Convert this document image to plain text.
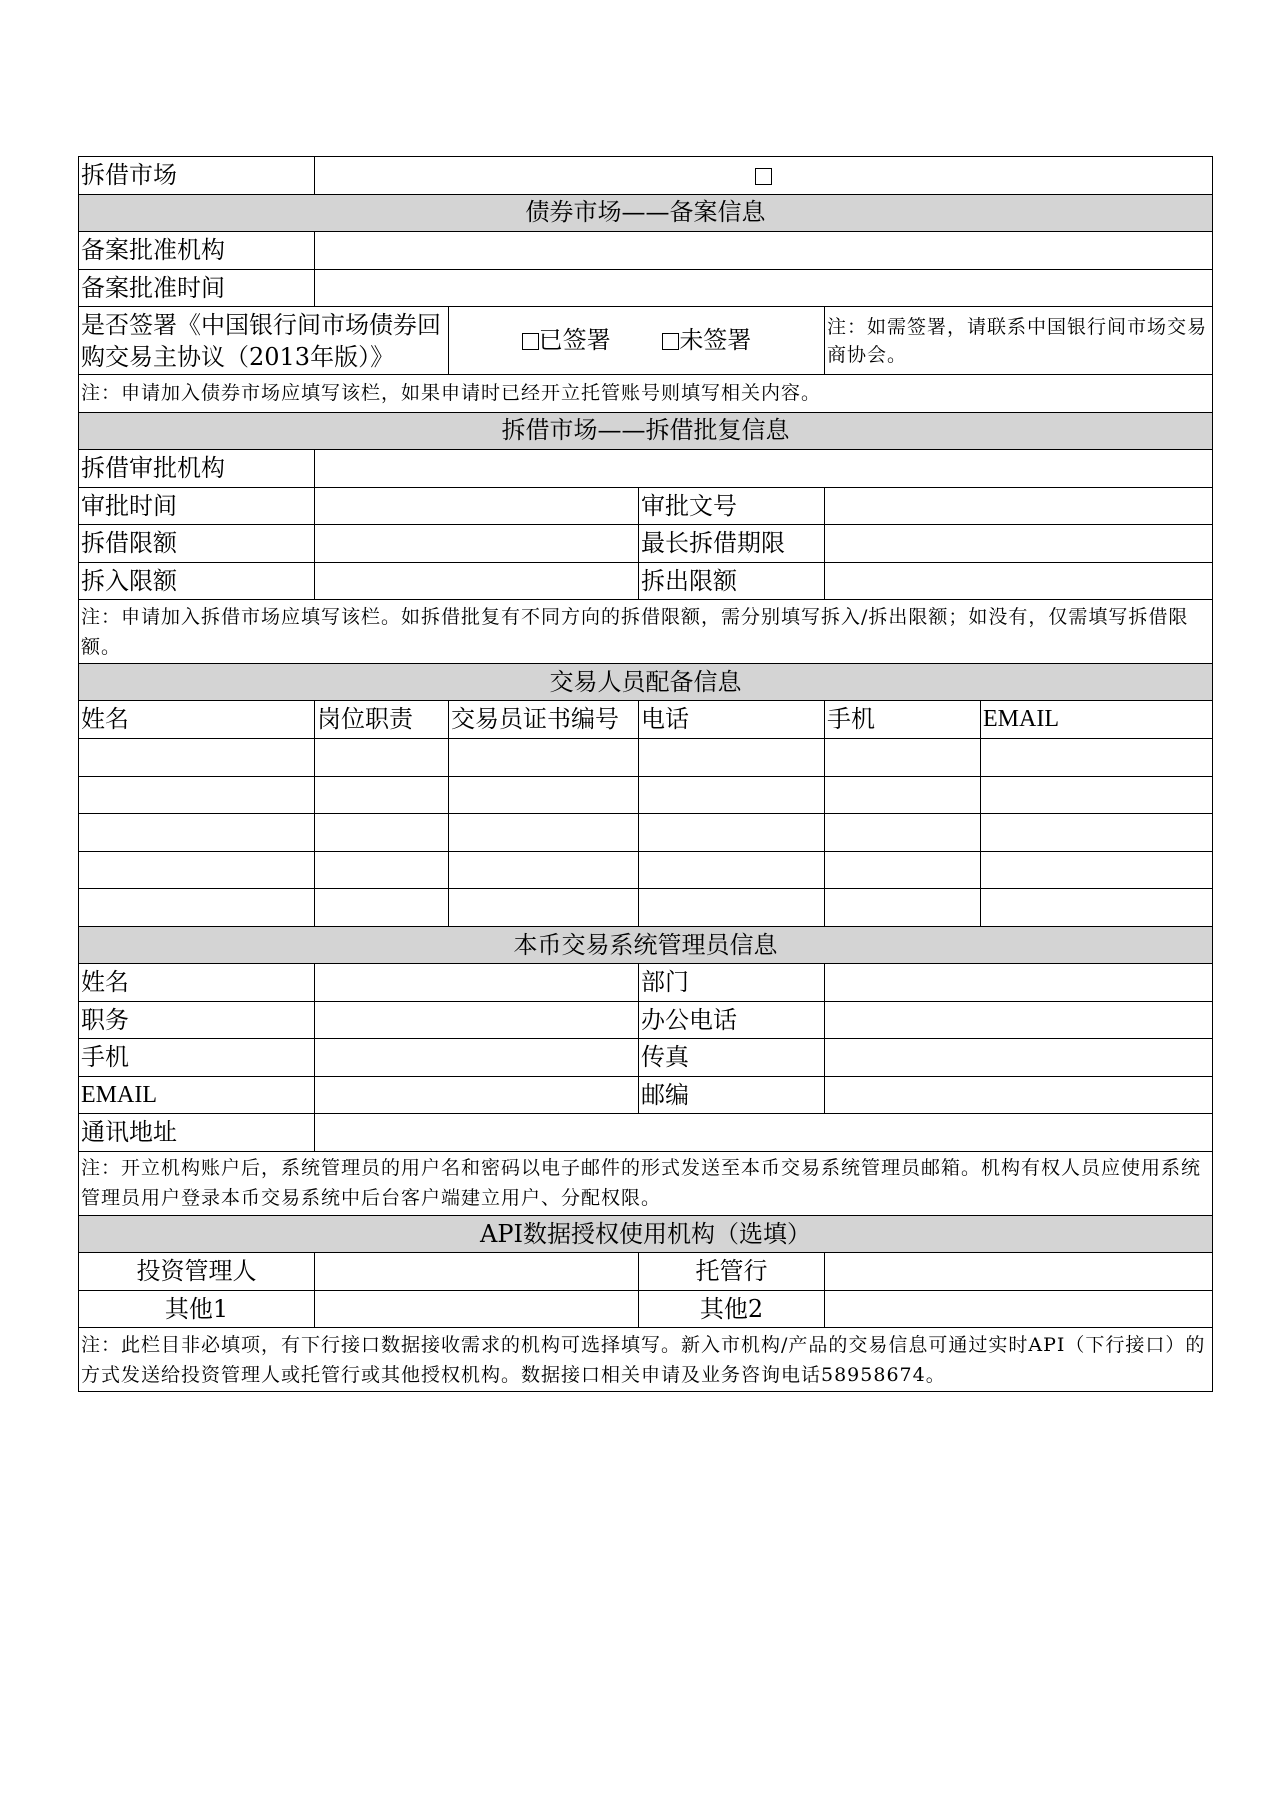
拆借市场					
债券市场——备案信息					
备案批准机构					
备案批准时间					
是否签署《中国银行间市场债券回购交易主协议（2013年版）》		已签署 未签署		注：如需签署，请联系中国银行间市场交易商协会。	
注：申请加入债券市场应填写该栏，如果申请时已经开立托管账号则填写相关内容。					
拆借市场——拆借批复信息					
拆借审批机构					
审批时间			审批文号		
拆借限额			最长拆借期限		
拆入限额			拆出限额		
注：申请加入拆借市场应填写该栏。如拆借批复有不同方向的拆借限额，需分别填写拆入/拆出限额；如没有，仅需填写拆借限额。					
交易人员配备信息					
姓名	岗位职责	交易员证书编号	电话	手机	EMAIL

本币交易系统管理员信息					
姓名			部门		
职务			办公电话		
手机			传真		
EMAIL			邮编		
通讯地址					
注：开立机构账户后，系统管理员的用户名和密码以电子邮件的形式发送至本币交易系统管理员邮箱。机构有权人员应使用系统管理员用户登录本币交易系统中后台客户端建立用户、分配权限。					
API数据授权使用机构（选填）					
投资管理人			托管行		
其他1			其他2		
注：此栏目非必填项，有下行接口数据接收需求的机构可选择填写。新入市机构/产品的交易信息可通过实时API（下行接口）的方式发送给投资管理人或托管行或其他授权机构。数据接口相关申请及业务咨询电话58958674。					
